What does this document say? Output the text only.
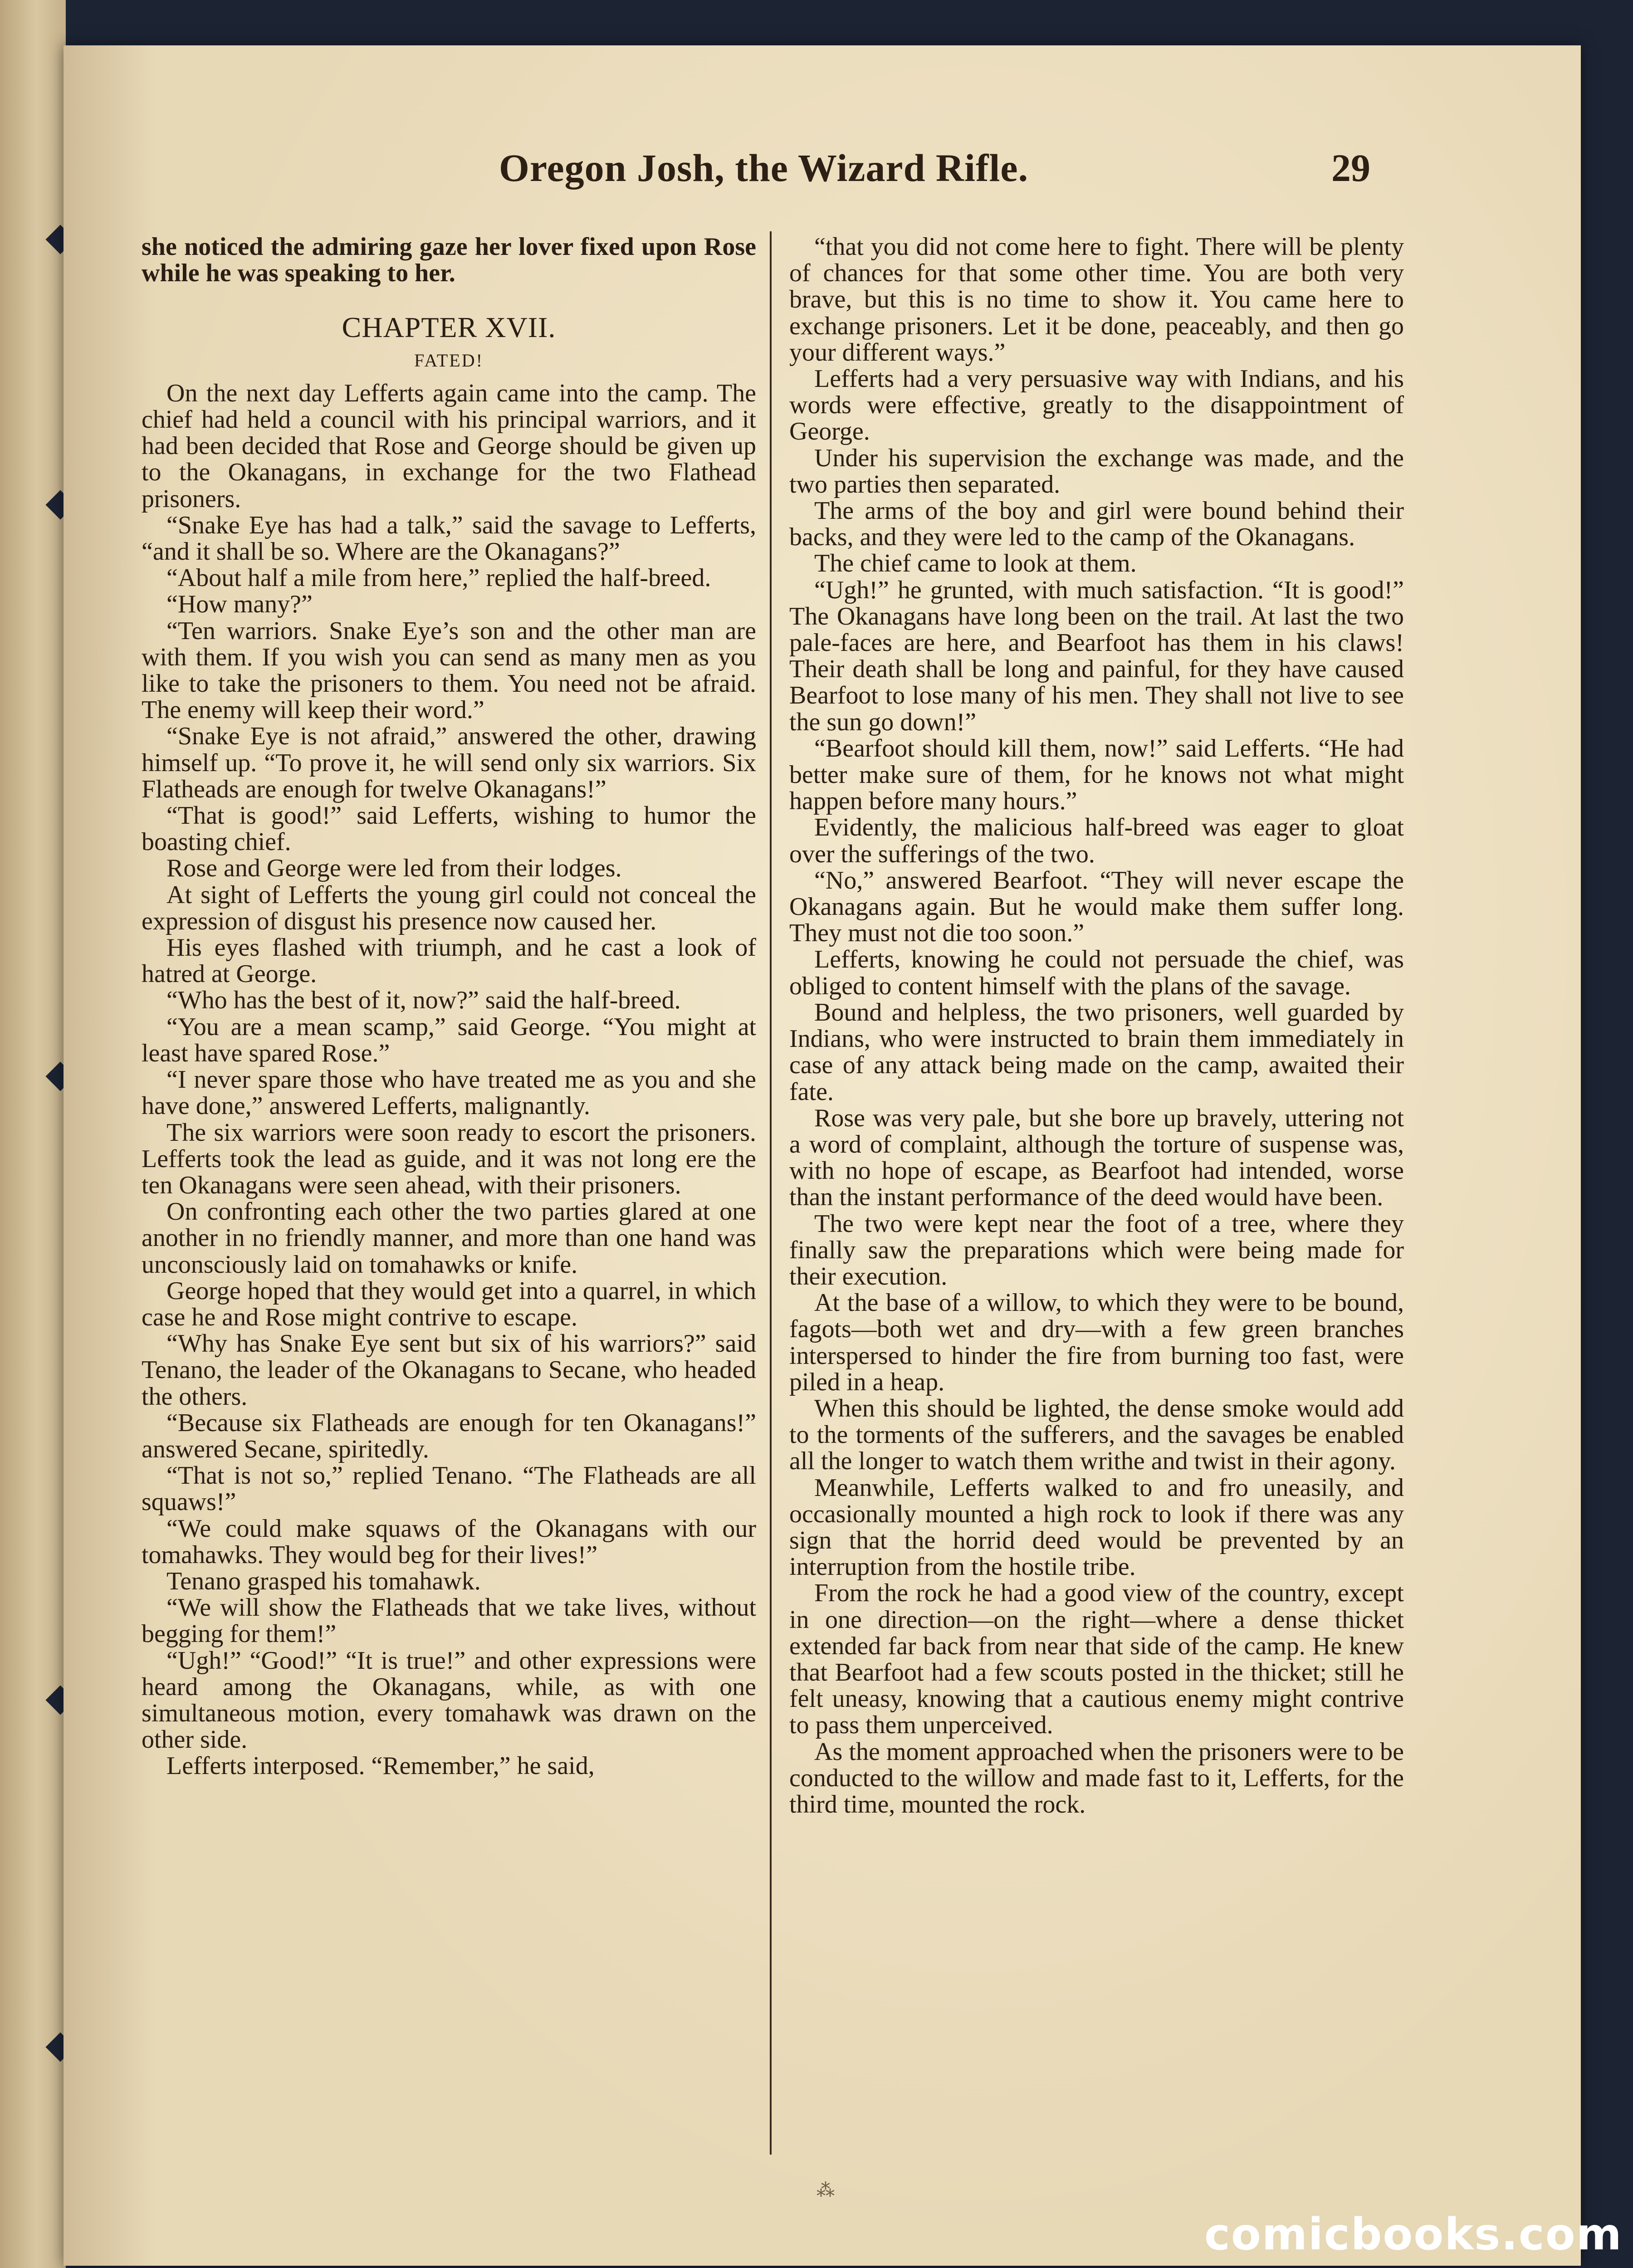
Oregon Josh, the Wizard Rifle.	29

she noticed the admiring gaze her lover fixed upon Rose while he was speaking to her.

CHAPTER XVII.
FATED!

On the next day Lefferts again came into the camp. The chief had held a council with his principal warriors, and it had been decided that Rose and George should be given up to the Okanagans, in exchange for the two Flathead prisoners.

“Snake Eye has had a talk,” said the savage to Lefferts, “and it shall be so. Where are the Okanagans?”

“About half a mile from here,” replied the half-breed.

“How many?”

“Ten warriors. Snake Eye’s son and the other man are with them. If you wish you can send as many men as you like to take the prisoners to them. You need not be afraid. The enemy will keep their word.”

“Snake Eye is not afraid,” answered the other, drawing himself up. “To prove it, he will send only six warriors. Six Flatheads are enough for twelve Okanagans!”

“That is good!” said Lefferts, wishing to humor the boasting chief.

Rose and George were led from their lodges.

At sight of Lefferts the young girl could not conceal the expression of disgust his presence now caused her.

His eyes flashed with triumph, and he cast a look of hatred at George.

“Who has the best of it, now?” said the half-breed.

“You are a mean scamp,” said George. “You might at least have spared Rose.”

“I never spare those who have treated me as you and she have done,” answered Lefferts, malignantly.

The six warriors were soon ready to escort the prisoners. Lefferts took the lead as guide, and it was not long ere the ten Okanagans were seen ahead, with their prisoners.

On confronting each other the two parties glared at one another in no friendly manner, and more than one hand was unconsciously laid on tomahawks or knife.

George hoped that they would get into a quarrel, in which case he and Rose might contrive to escape.

“Why has Snake Eye sent but six of his warriors?” said Tenano, the leader of the Okanagans to Secane, who headed the others.

“Because six Flatheads are enough for ten Okanagans!” answered Secane, spiritedly.

“That is not so,” replied Tenano. “The Flatheads are all squaws!”

“We could make squaws of the Okanagans with our tomahawks. They would beg for their lives!”

Tenano grasped his tomahawk.

“We will show the Flatheads that we take lives, without begging for them!”

“Ugh!” “Good!” “It is true!” and other expressions were heard among the Okanagans, while, as with one simultaneous motion, every tomahawk was drawn on the other side.

Lefferts interposed. “Remember,” he said,

“that you did not come here to fight. There will be plenty of chances for that some other time. You are both very brave, but this is no time to show it. You came here to exchange prisoners. Let it be done, peaceably, and then go your different ways.”

Lefferts had a very persuasive way with Indians, and his words were effective, greatly to the disappointment of George.

Under his supervision the exchange was made, and the two parties then separated.

The arms of the boy and girl were bound behind their backs, and they were led to the camp of the Okanagans.

The chief came to look at them.

“Ugh!” he grunted, with much satisfaction. “It is good!” The Okanagans have long been on the trail. At last the two pale-faces are here, and Bearfoot has them in his claws! Their death shall be long and painful, for they have caused Bearfoot to lose many of his men. They shall not live to see the sun go down!”

“Bearfoot should kill them, now!” said Lefferts. “He had better make sure of them, for he knows not what might happen before many hours.”

Evidently, the malicious half-breed was eager to gloat over the sufferings of the two.

“No,” answered Bearfoot. “They will never escape the Okanagans again. But he would make them suffer long. They must not die too soon.”

Lefferts, knowing he could not persuade the chief, was obliged to content himself with the plans of the savage.

Bound and helpless, the two prisoners, well guarded by Indians, who were instructed to brain them immediately in case of any attack being made on the camp, awaited their fate.

Rose was very pale, but she bore up bravely, uttering not a word of complaint, although the torture of suspense was, with no hope of escape, as Bearfoot had intended, worse than the instant performance of the deed would have been.

The two were kept near the foot of a tree, where they finally saw the preparations which were being made for their execution.

At the base of a willow, to which they were to be bound, fagots—both wet and dry—with a few green branches interspersed to hinder the fire from burning too fast, were piled in a heap.

When this should be lighted, the dense smoke would add to the torments of the sufferers, and the savages be enabled all the longer to watch them writhe and twist in their agony.

Meanwhile, Lefferts walked to and fro uneasily, and occasionally mounted a high rock to look if there was any sign that the horrid deed would be prevented by an interruption from the hostile tribe.

From the rock he had a good view of the country, except in one direction—on the right—where a dense thicket extended far back from near that side of the camp. He knew that Bearfoot had a few scouts posted in the thicket; still he felt uneasy, knowing that a cautious enemy might contrive to pass them unperceived.

As the moment approached when the prisoners were to be conducted to the willow and made fast to it, Lefferts, for the third time, mounted the rock.

⁂
comicbooks.com
